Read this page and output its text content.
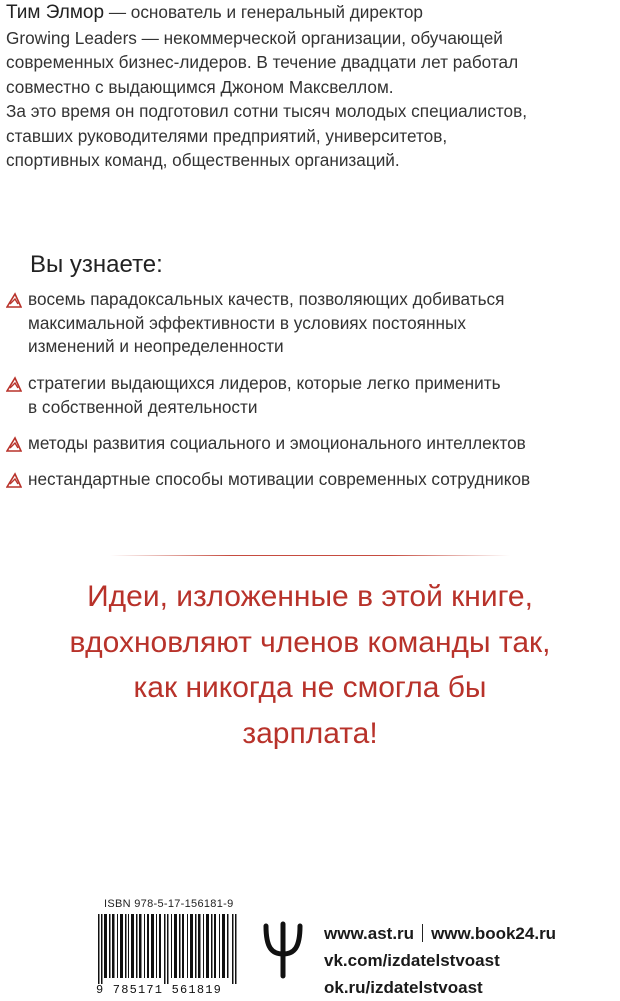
Тим Элмор — основатель и генеральный директор

Growing Leaders — некоммерческой организации, обучающей

современных бизнес-лидеров. В течение двадцати лет работал

совместно с выдающимся Джоном Максвеллом.

За это время он подготовил сотни тысяч молодых специалистов,

ставших руководителями предприятий, университетов,

спортивных команд, общественных организаций.

Вы узнаете:
восемь парадоксальных качеств, позволяющих добиваться
максимальной эффективности в условиях постоянных
изменений и неопределенности
стратегии выдающихся лидеров, которые легко применить
в собственной деятельности
методы развития социального и эмоционального интеллектов
нестандартные способы мотивации современных сотрудников
Идеи, изложенные в этой книге,
вдохновляют членов команды так,
как никогда не смогла бы
зарплата!
ISBN 978-5-17-156181-9
9 785171 561819
www.ast.ru www.book24.ru
vk.com/izdatelstvoast
ok.ru/izdatelstvoast
